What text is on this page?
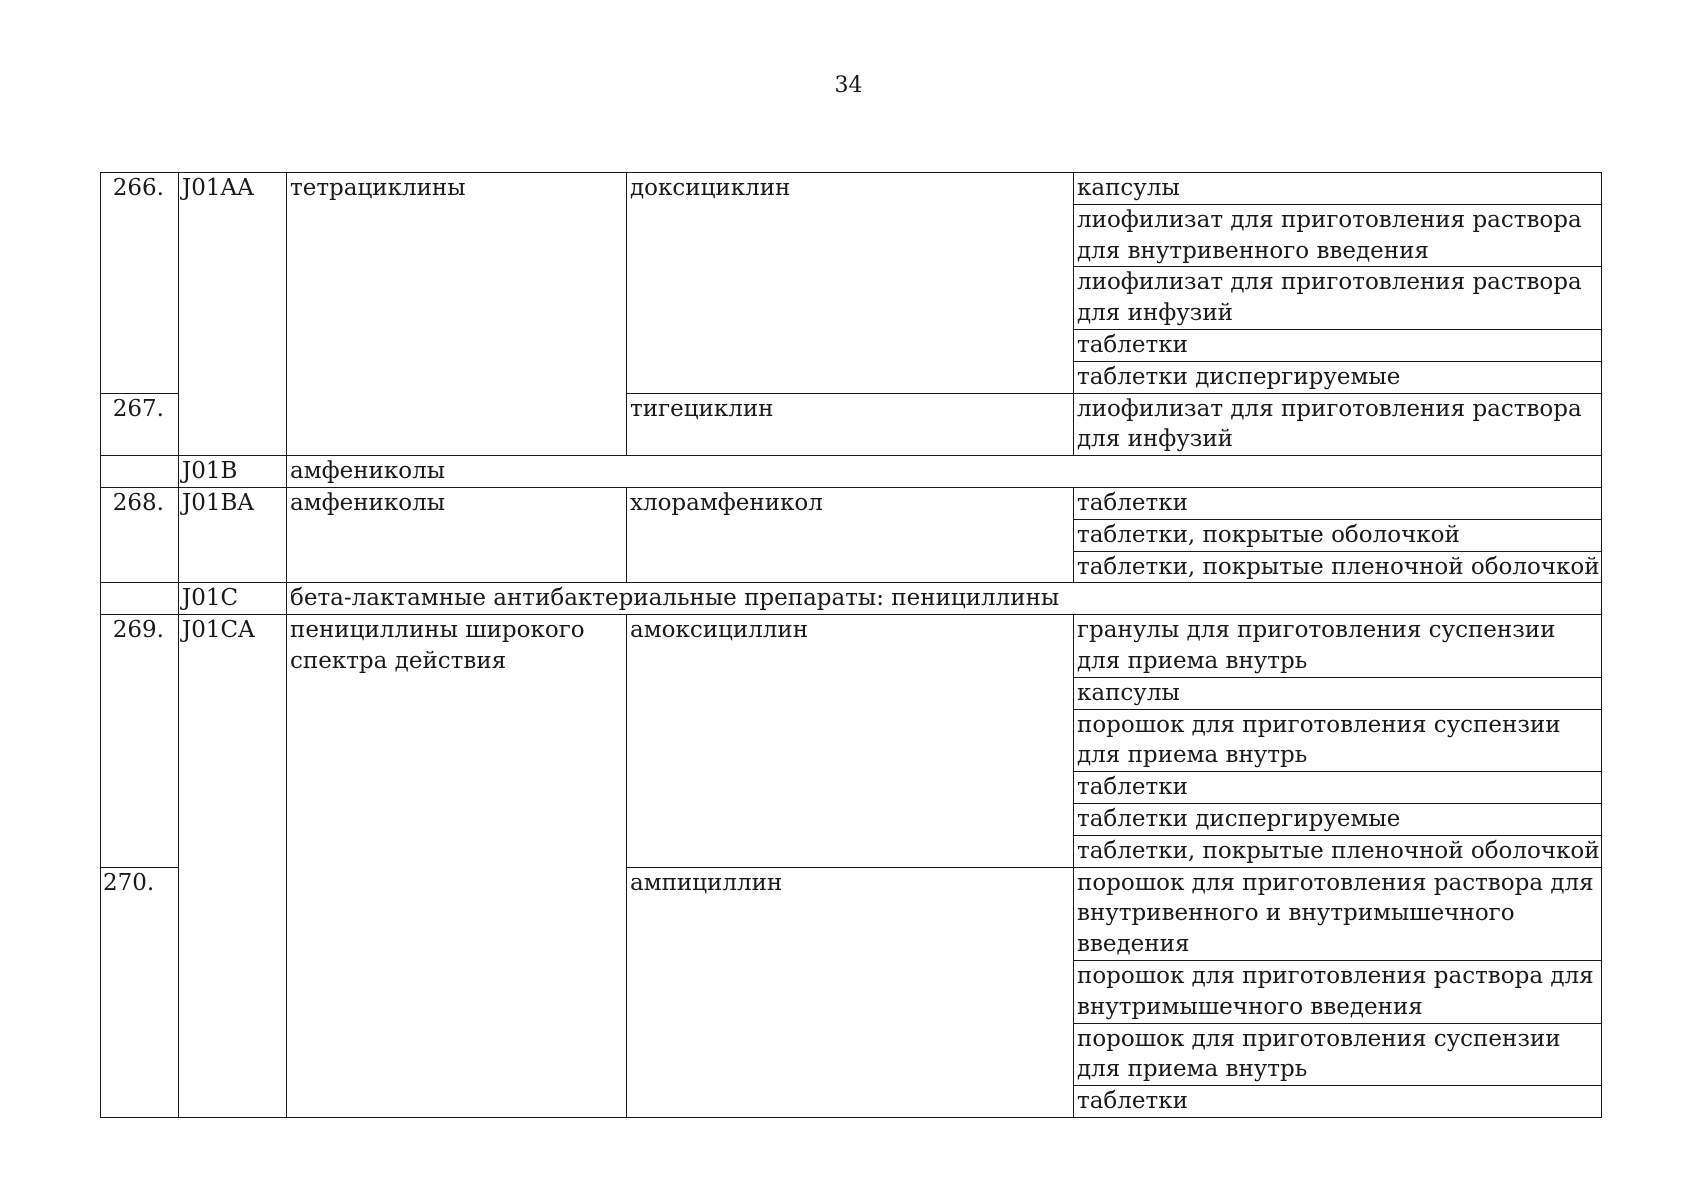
34
266.	J01AA	тетрациклины	доксициклин	капсулы
				лиофилизат для приготовления раствора для внутривенного введения
				лиофилизат для приготовления раствора для инфузий
				таблетки
				таблетки диспергируемые
267.			тигециклин	лиофилизат для приготовления раствора для инфузий

	J01B	амфениколы		
268.	J01BA	амфениколы	хлорамфеникол	таблетки
				таблетки, покрытые оболочкой
				таблетки, покрытые пленочной оболочкой
	J01C	бета-лактамные антибактериальные препараты: пенициллины		
269.	J01CA	пенициллины широкого спектра действия	амоксициллин	гранулы для приготовления суспензии для приема внутрь
				капсулы
				порошок для приготовления суспензии для приема внутрь
				таблетки
				таблетки диспергируемые
				таблетки, покрытые пленочной оболочкой
270.			ампициллин	порошок для приготовления раствора для внутривенного и внутримышечного введения
				порошок для приготовления раствора для внутримышечного введения
				порошок для приготовления суспензии для приема внутрь
				таблетки
